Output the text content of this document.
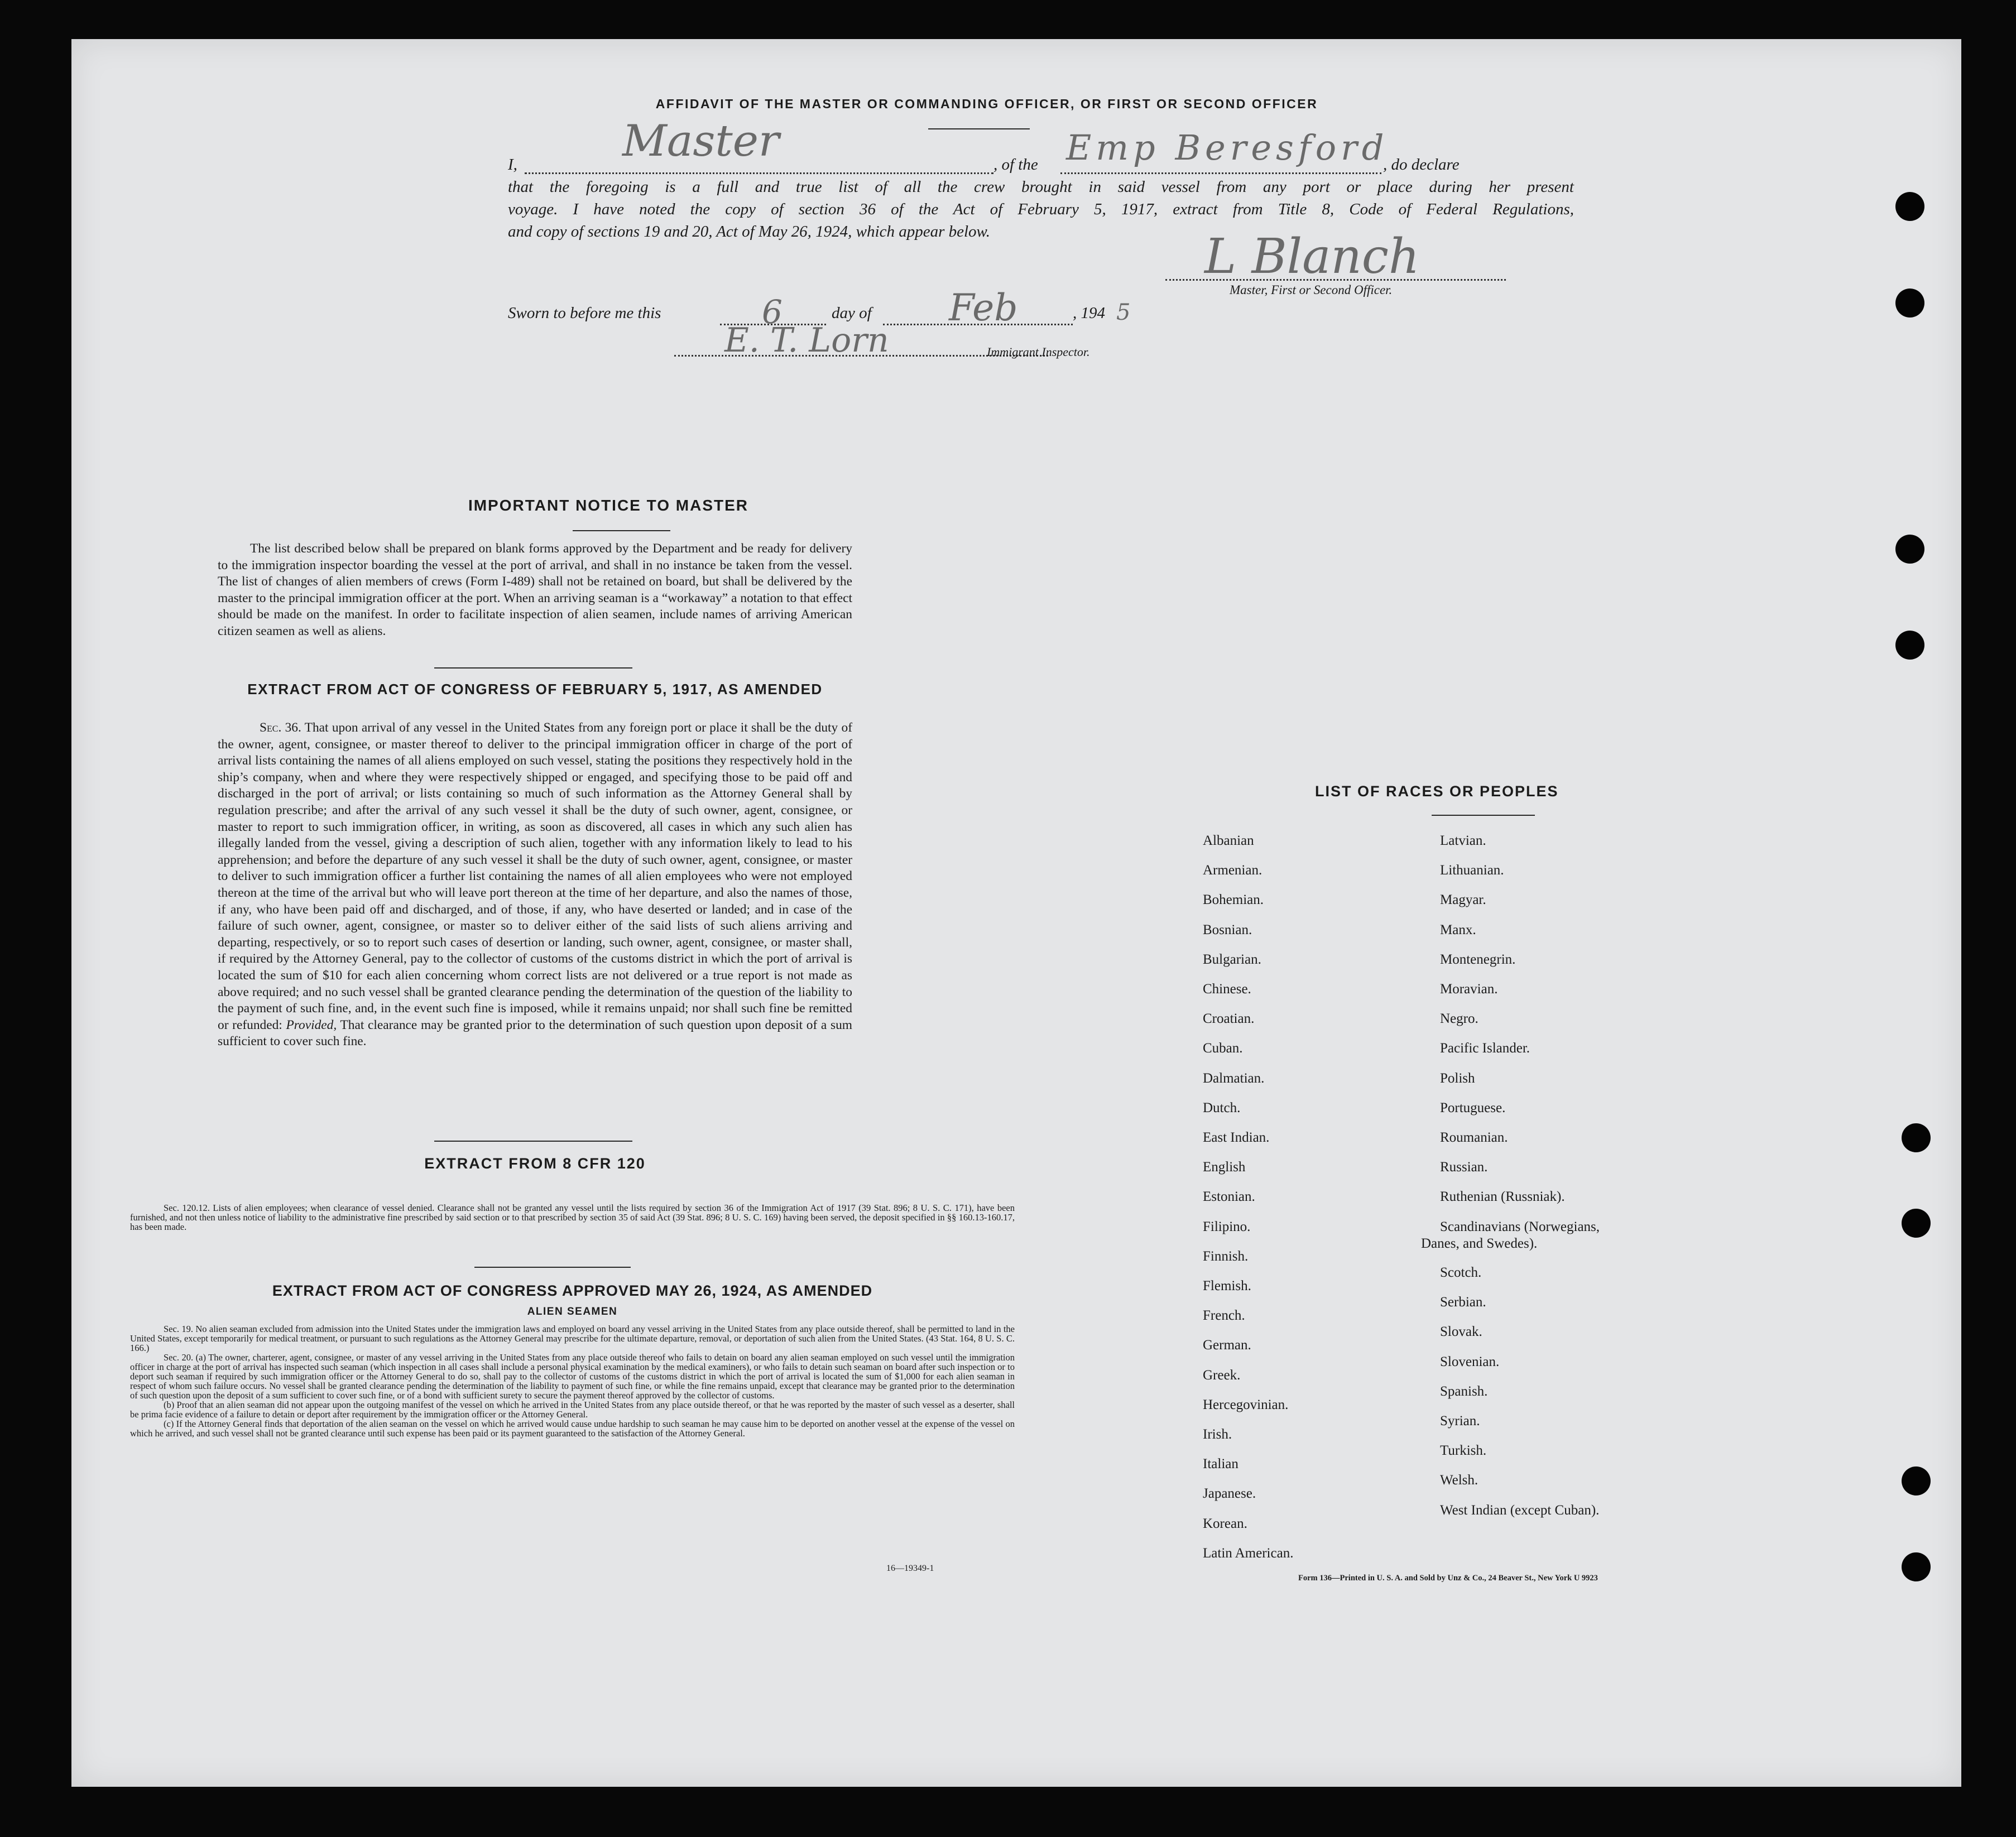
AFFIDAVIT OF THE MASTER OR COMMANDING OFFICER, OR FIRST OR SECOND OFFICER
I, Master	, of the Emp Beresford
, do declare
that the foregoing is a full and true list of all the crew brought in said vessel from any port or place during her present
voyage. I have noted the copy of section 36 of the Act of February 5, 1917, extract from Title 8, Code of Federal Regulations,
and copy of sections 19 and 20, Act of May 26, 1924, which appear below.	L Blanch
Master, First or Second Officer.
Sworn to before me this	6	day of Feb	, 194 5
E. T. Lorn	Immigrant Inspector.
IMPORTANT NOTICE TO MASTER
The list described below shall be prepared on blank forms approved by the Department and be ready for delivery to the immigration inspector boarding the vessel at the port of arrival, and shall in no instance be taken from the vessel. The list of changes of alien members of crews (Form I-489) shall not be retained on board, but shall be delivered by the master to the principal immigration officer at the port. When an arriving seaman is a “workaway” a notation to that effect should be made on the manifest. In order to facilitate inspection of alien seamen, include names of arriving American citizen seamen as well as aliens.
EXTRACT FROM ACT OF CONGRESS OF FEBRUARY 5, 1917, AS AMENDED
Sec. 36. That upon arrival of any vessel in the United States from any foreign port or place it shall be the duty of the owner, agent, consignee, or master thereof to deliver to the principal immigration officer in charge of the port of arrival lists containing the names of all aliens employed on such vessel, stating the positions they respectively hold in the ship’s company, when and where they were respectively shipped or engaged, and specifying those to be paid off and discharged in the port of arrival; or lists containing so much of such information as the Attorney General shall by regulation prescribe; and after the arrival of any such vessel it shall be the duty of such owner, agent, consignee, or master to report to such immigration officer, in writing, as soon as discovered, all cases in which any such alien has illegally landed from the vessel, giving a description of such alien, together with any information likely to lead to his apprehension; and before the departure of any such vessel it shall be the duty of such owner, agent, consignee, or master to deliver to such immigration officer a further list containing the names of all alien employees who were not employed thereon at the time of the arrival but who will leave port thereon at the time of her departure, and also the names of those, if any, who have been paid off and discharged, and of those, if any, who have deserted or landed; and in case of the failure of such owner, agent, consignee, or master so to deliver either of the said lists of such aliens arriving and departing, respectively, or so to report such cases of desertion or landing, such owner, agent, consignee, or master shall, if required by the Attorney General, pay to the collector of customs of the customs district in which the port of arrival is located the sum of $10 for each alien concerning whom correct lists are not delivered or a true report is not made as above required; and no such vessel shall be granted clearance pending the determination of the question of the liability to the payment of such fine, and, in the event such fine is imposed, while it remains unpaid; nor shall such fine be remitted or refunded: Provided, That clearance may be granted prior to the determination of such question upon deposit of a sum sufficient to cover such fine.
EXTRACT FROM 8 CFR 120
Sec. 120.12. Lists of alien employees; when clearance of vessel denied. Clearance shall not be granted any vessel until the lists required by section 36 of the Immigration Act of 1917 (39 Stat. 896; 8 U. S. C. 171), have been furnished, and not then unless notice of liability to the administrative fine prescribed by said section or to that prescribed by section 35 of said Act (39 Stat. 896; 8 U. S. C. 169) having been served, the deposit specified in §§ 160.13-160.17, has been made.
EXTRACT FROM ACT OF CONGRESS APPROVED MAY 26, 1924, AS AMENDED
ALIEN SEAMEN
Sec. 19. No alien seaman excluded from admission into the United States under the immigration laws and employed on board any vessel arriving in the United States from any place outside thereof, shall be permitted to land in the United States, except temporarily for medical treatment, or pursuant to such regulations as the Attorney General may prescribe for the ultimate departure, removal, or deportation of such alien from the United States. (43 Stat. 164, 8 U. S. C. 166.)
Sec. 20. (a) The owner, charterer, agent, consignee, or master of any vessel arriving in the United States from any place outside thereof who fails to detain on board any alien seaman employed on such vessel until the immigration officer in charge at the port of arrival has inspected such seaman (which inspection in all cases shall include a personal physical examination by the medical examiners), or who fails to detain such seaman on board after such inspection or to deport such seaman if required by such immigration officer or the Attorney General to do so, shall pay to the collector of customs of the customs district in which the port of arrival is located the sum of $1,000 for each alien seaman in respect of whom such failure occurs. No vessel shall be granted clearance pending the determination of the liability to payment of such fine, or while the fine remains unpaid, except that clearance may be granted prior to the determination of such question upon the deposit of a sum sufficient to cover such fine, or of a bond with sufficient surety to secure the payment thereof approved by the collector of customs.
(b) Proof that an alien seaman did not appear upon the outgoing manifest of the vessel on which he arrived in the United States from any place outside thereof, or that he was reported by the master of such vessel as a deserter, shall be prima facie evidence of a failure to detain or deport after requirement by the immigration officer or the Attorney General.
(c) If the Attorney General finds that deportation of the alien seaman on the vessel on which he arrived would cause undue hardship to such seaman he may cause him to be deported on another vessel at the expense of the vessel on which he arrived, and such vessel shall not be granted clearance until such expense has been paid or its payment guaranteed to the satisfaction of the Attorney General.
16—19349-1
LIST OF RACES OR PEOPLES
Form 136—Printed in U. S. A. and Sold by Unz & Co., 24 Beaver St., New York U 9923
Albanian
Armenian.
Bohemian.
Bosnian.
Bulgarian.
Chinese.
Croatian.
Cuban.
Dalmatian.
Dutch.
East Indian.
English
Estonian.
Filipino.
Finnish.
Flemish.
French.
German.
Greek.
Hercegovinian.
Irish.
Italian
Japanese.
Korean.
Latin American.
Latvian.
Lithuanian.
Magyar.
Manx.
Montenegrin.
Moravian.
Negro.
Pacific Islander.
Polish
Portuguese.
Roumanian.
Russian.
Ruthenian (Russniak).
Scandinavians (Norwegians,
Danes, and Swedes).
Scotch.
Serbian.
Slovak.
Slovenian.
Spanish.
Syrian.
Turkish.
Welsh.
West Indian (except Cuban).
